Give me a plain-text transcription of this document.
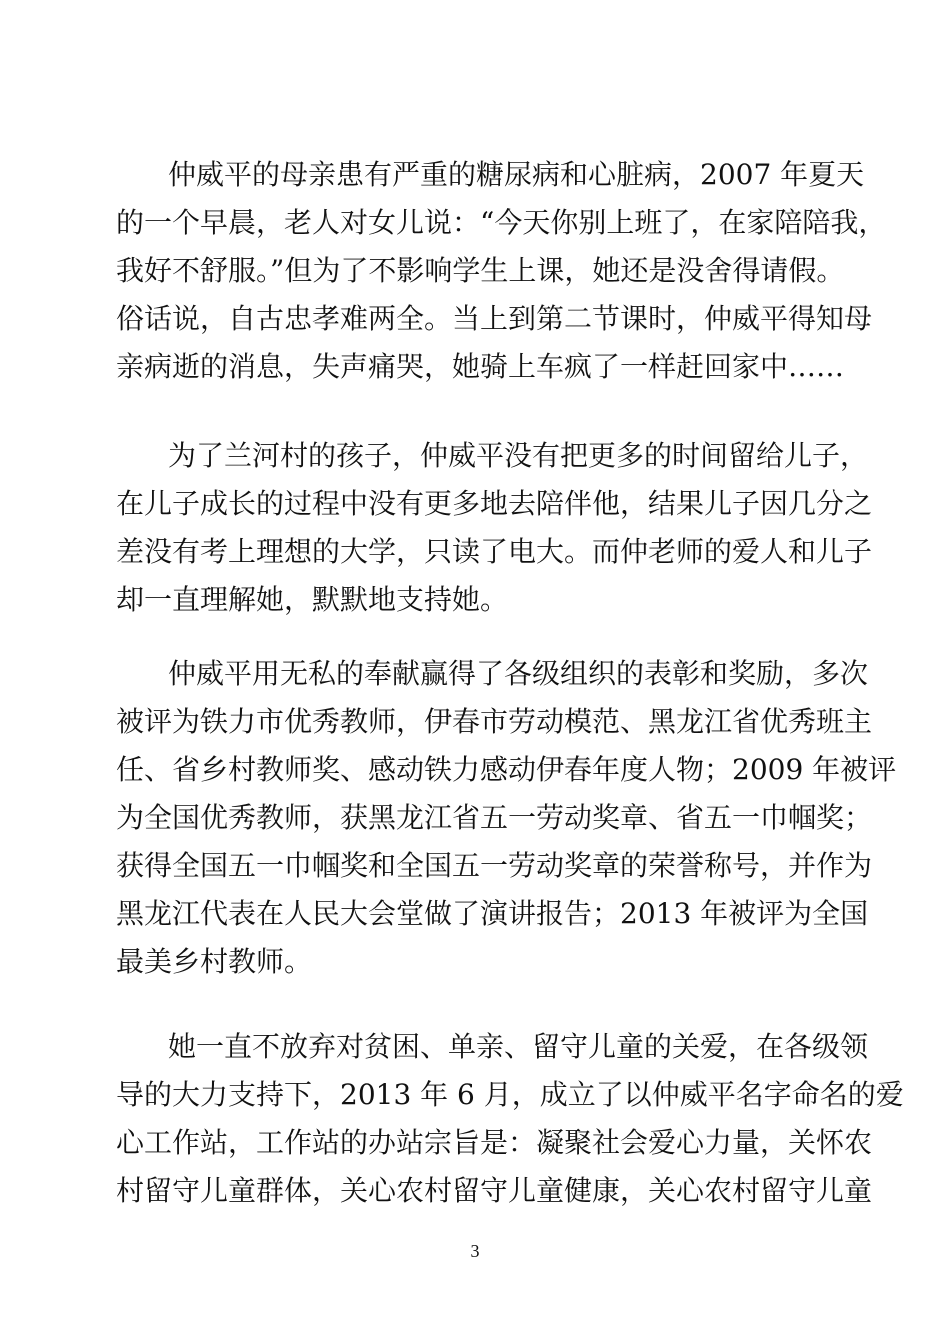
仲威平的母亲患有严重的糖尿病和心脏病，2007 年夏天
的一个早晨，老人对女儿说：“今天你别上班了，在家陪陪我，
我好不舒服。”但为了不影响学生上课，她还是没舍得请假。
俗话说，自古忠孝难两全。当上到第二节课时，仲威平得知母
亲病逝的消息，失声痛哭，她骑上车疯了一样赶回家中……
为了兰河村的孩子，仲威平没有把更多的时间留给儿子，
在儿子成长的过程中没有更多地去陪伴他，结果儿子因几分之
差没有考上理想的大学，只读了电大。而仲老师的爱人和儿子
却一直理解她，默默地支持她。
仲威平用无私的奉献赢得了各级组织的表彰和奖励，多次
被评为铁力市优秀教师，伊春市劳动模范、黑龙江省优秀班主
任、省乡村教师奖、感动铁力感动伊春年度人物；2009 年被评
为全国优秀教师，获黑龙江省五一劳动奖章、省五一巾帼奖；
获得全国五一巾帼奖和全国五一劳动奖章的荣誉称号，并作为
黑龙江代表在人民大会堂做了演讲报告；2013 年被评为全国
最美乡村教师。
她一直不放弃对贫困、单亲、留守儿童的关爱，在各级领
导的大力支持下，2013 年 6 月，成立了以仲威平名字命名的爱
心工作站，工作站的办站宗旨是：凝聚社会爱心力量，关怀农
村留守儿童群体，关心农村留守儿童健康，关心农村留守儿童
3
